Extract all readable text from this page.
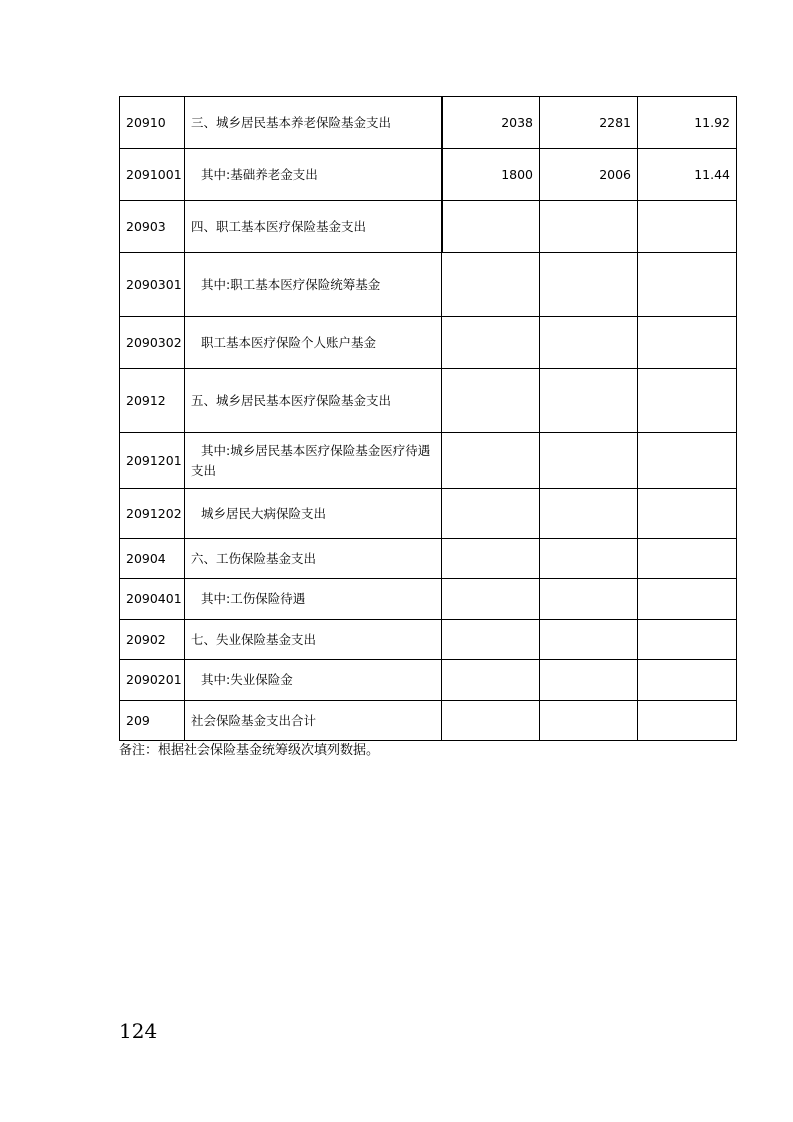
20910	三、城乡居民基本养老保险基金支出	2038	2281	11.92
2091001	其中:基础养老金支出	1800	2006	11.44
20903	四、职工基本医疗保险基金支出			
2090301	其中:职工基本医疗保险统筹基金			
2090302	职工基本医疗保险个人账户基金			
20912	五、城乡居民基本医疗保险基金支出			
2091201	其中:城乡居民基本医疗保险基金医疗待遇支出			
2091202	城乡居民大病保险支出			
20904	六、工伤保险基金支出			
2090401	其中:工伤保险待遇			
20902	七、失业保险基金支出			
2090201	其中:失业保险金			
209	社会保险基金支出合计			
备注：根据社会保险基金统筹级次填列数据。
124
